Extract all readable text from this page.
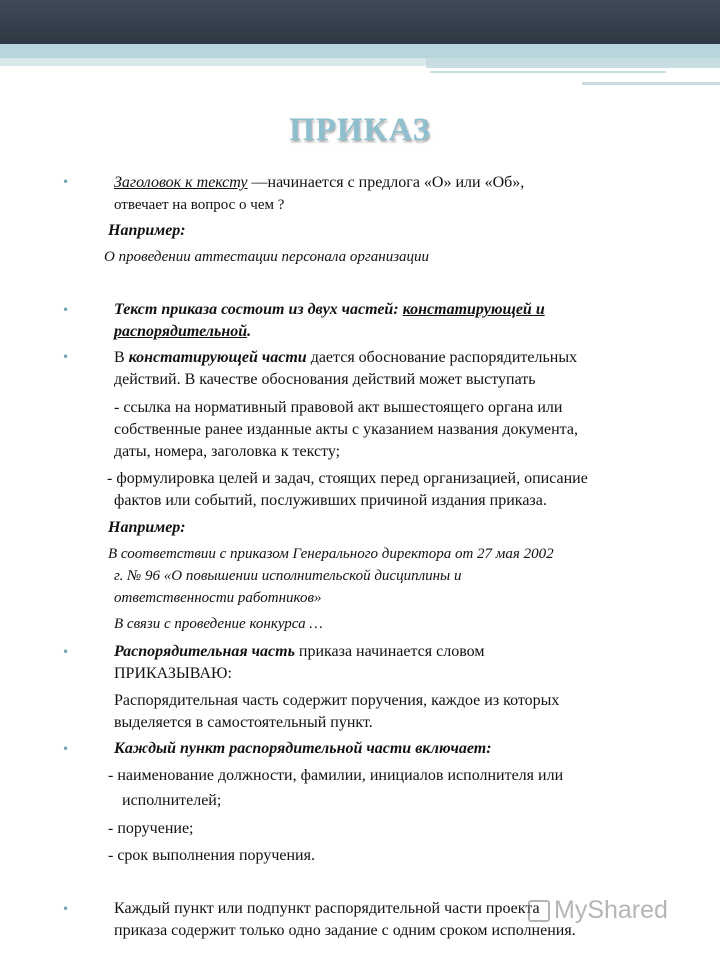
ПРИКАЗ
•	Заголовок к тексту —начинается с предлога «О» или «Об»,
отвечает на вопрос о чем ?
Например:
О проведении аттестации персонала организации
•	Текст приказа состоит из двух частей: констатирующей и
распорядительной.
•	В констатирующей части дается обоснование распорядительных
действий. В качестве обоснования действий может выступать
- ссылка на нормативный правовой акт вышестоящего органа или
собственные ранее изданные акты с указанием названия документа,
даты, номера, заголовка к тексту;
- формулировка целей и задач, стоящих перед организацией, описание
фактов или событий, послуживших причиной издания приказа.
Например:
В соответствии с приказом Генерального директора от 27 мая 2002
г. № 96 «О повышении исполнительской дисциплины и
ответственности работников»
В связи с проведение конкурса …
•	Распорядительная часть приказа начинается словом
ПРИКАЗЫВАЮ:
Распорядительная часть содержит поручения, каждое из которых
выделяется в самостоятельный пункт.
•	Каждый пункт распорядительной части включает:
- наименование должности, фамилии, инициалов исполнителя или
исполнителей;
- поручение;
- срок выполнения поручения.
•	Каждый пункт или подпункт распорядительной части проекта
приказа содержит только одно задание с одним сроком исполнения.
MyShared
